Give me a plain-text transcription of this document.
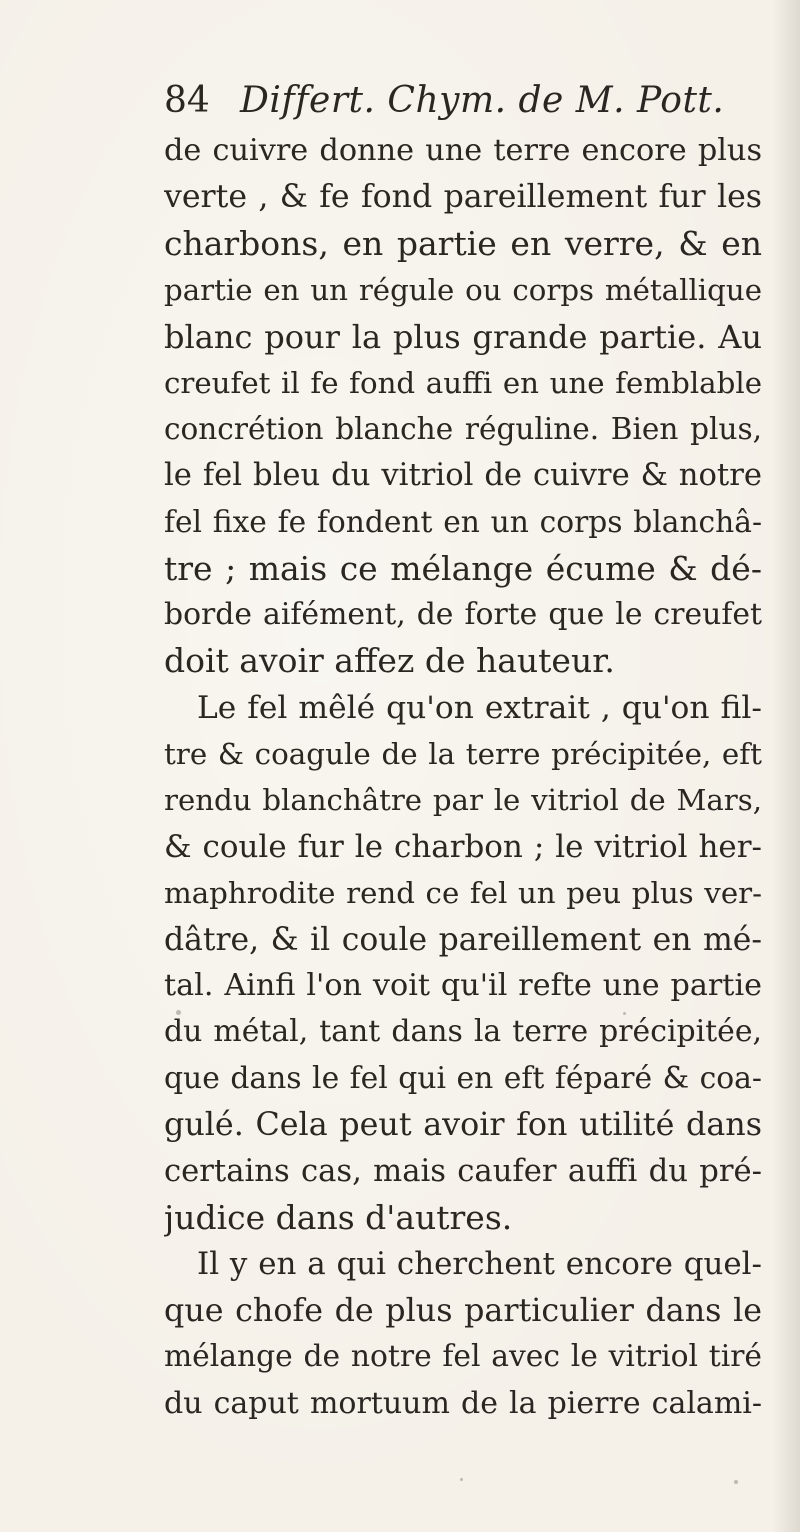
84 Differt. Chym. de M. Pott.
de cuivre donne une terre encore plus
verte , & fe fond pareillement fur les
charbons, en partie en verre, & en
partie en un régule ou corps métallique
blanc pour la plus grande partie. Au
creufet il fe fond auffi en une femblable
concrétion blanche réguline. Bien plus,
le fel bleu du vitriol de cuivre & notre
fel fixe fe fondent en un corps blanchâ-
tre ; mais ce mélange écume & dé-
borde aifément, de forte que le creufet
doit avoir affez de hauteur.
Le fel mêlé qu'on extrait , qu'on fil-
tre & coagule de la terre précipitée, eft
rendu blanchâtre par le vitriol de Mars,
& coule fur le charbon ; le vitriol her-
maphrodite rend ce fel un peu plus ver-
dâtre, & il coule pareillement en mé-
tal. Ainfi l'on voit qu'il refte une partie
du métal, tant dans la terre précipitée,
que dans le fel qui en eft féparé & coa-
gulé. Cela peut avoir fon utilité dans
certains cas, mais caufer auffi du pré-
judice dans d'autres.
Il y en a qui cherchent encore quel-
que chofe de plus particulier dans le
mélange de notre fel avec le vitriol tiré
du caput mortuum de la pierre calami-
